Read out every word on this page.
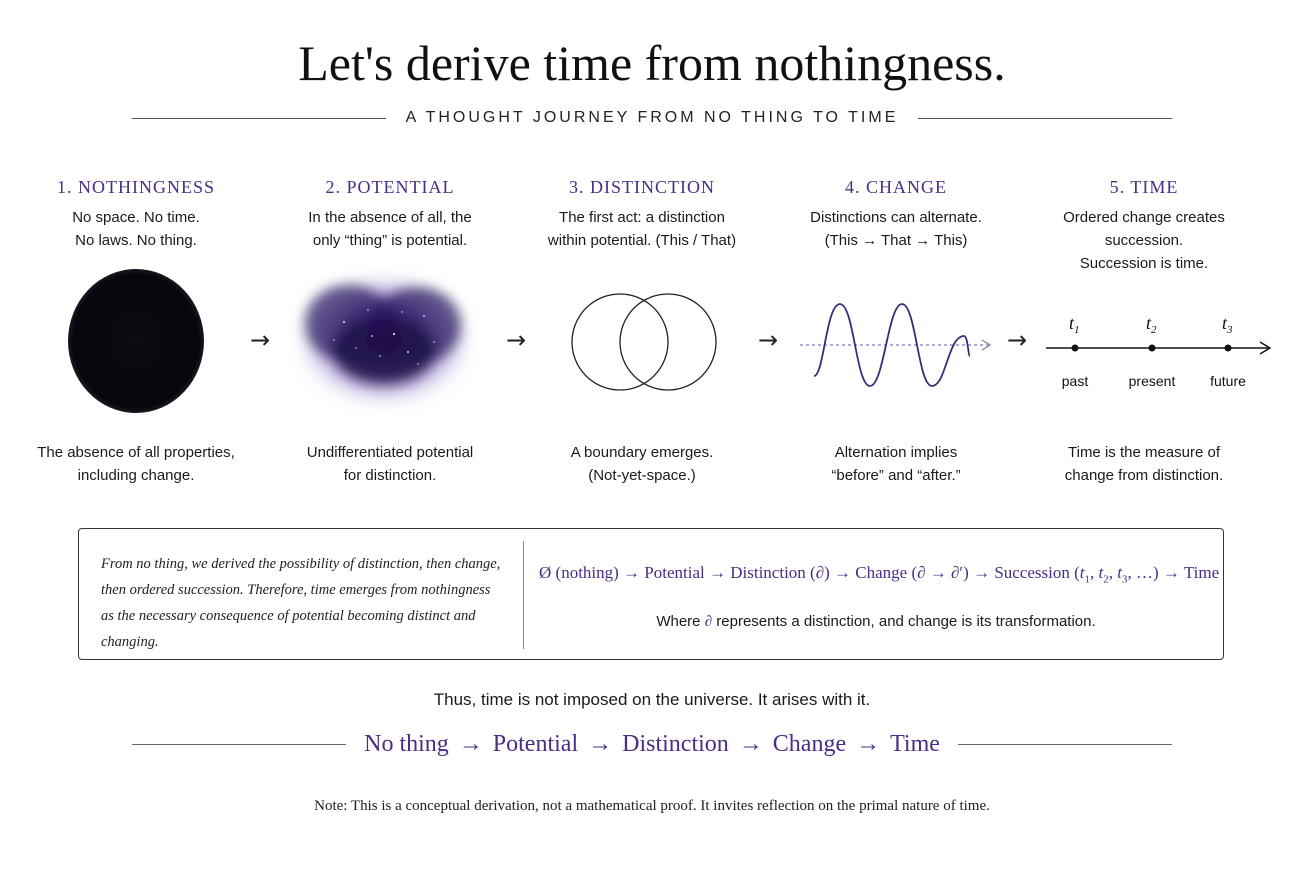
Let's derive time from nothingness.
A THOUGHT JOURNEY FROM NO THING TO TIME
1. NOTHINGNESS
No space. No time.
No laws. No thing.
2. POTENTIAL
In the absence of all, the
only “thing” is potential.
3. DISTINCTION
The first act: a distinction
within potential. (This / That)
4. CHANGE
Distinctions can alternate.
(This → That → This)
5. TIME
Ordered change creates
succession.
Succession is time.
$t_1$
past
$t_2$
present
$t_3$
future
→	→	→	→
The absence of all properties,
including change.
Undifferentiated potential
for distinction.
A boundary emerges.
(Not-yet-space.)
Alternation implies
“before” and “after.”
Time is the measure of
change from distinction.
From no thing, we derived the possibility of distinction, then change, then ordered succession. Therefore, time emerges from nothingness as the necessary consequence of potential becoming distinct and changing.
Ø (nothing) → Potential → Distinction (∂) → Change (∂ → ∂′) → Succession ($t_1$, $t_2$, $t_3$, …) → Time
Where ∂ represents a distinction, and change is its transformation.
Thus, time is not imposed on the universe. It arises with it.
No thing → Potential → Distinction → Change → Time
Note: This is a conceptual derivation, not a mathematical proof. It invites reflection on the primal nature of time.
